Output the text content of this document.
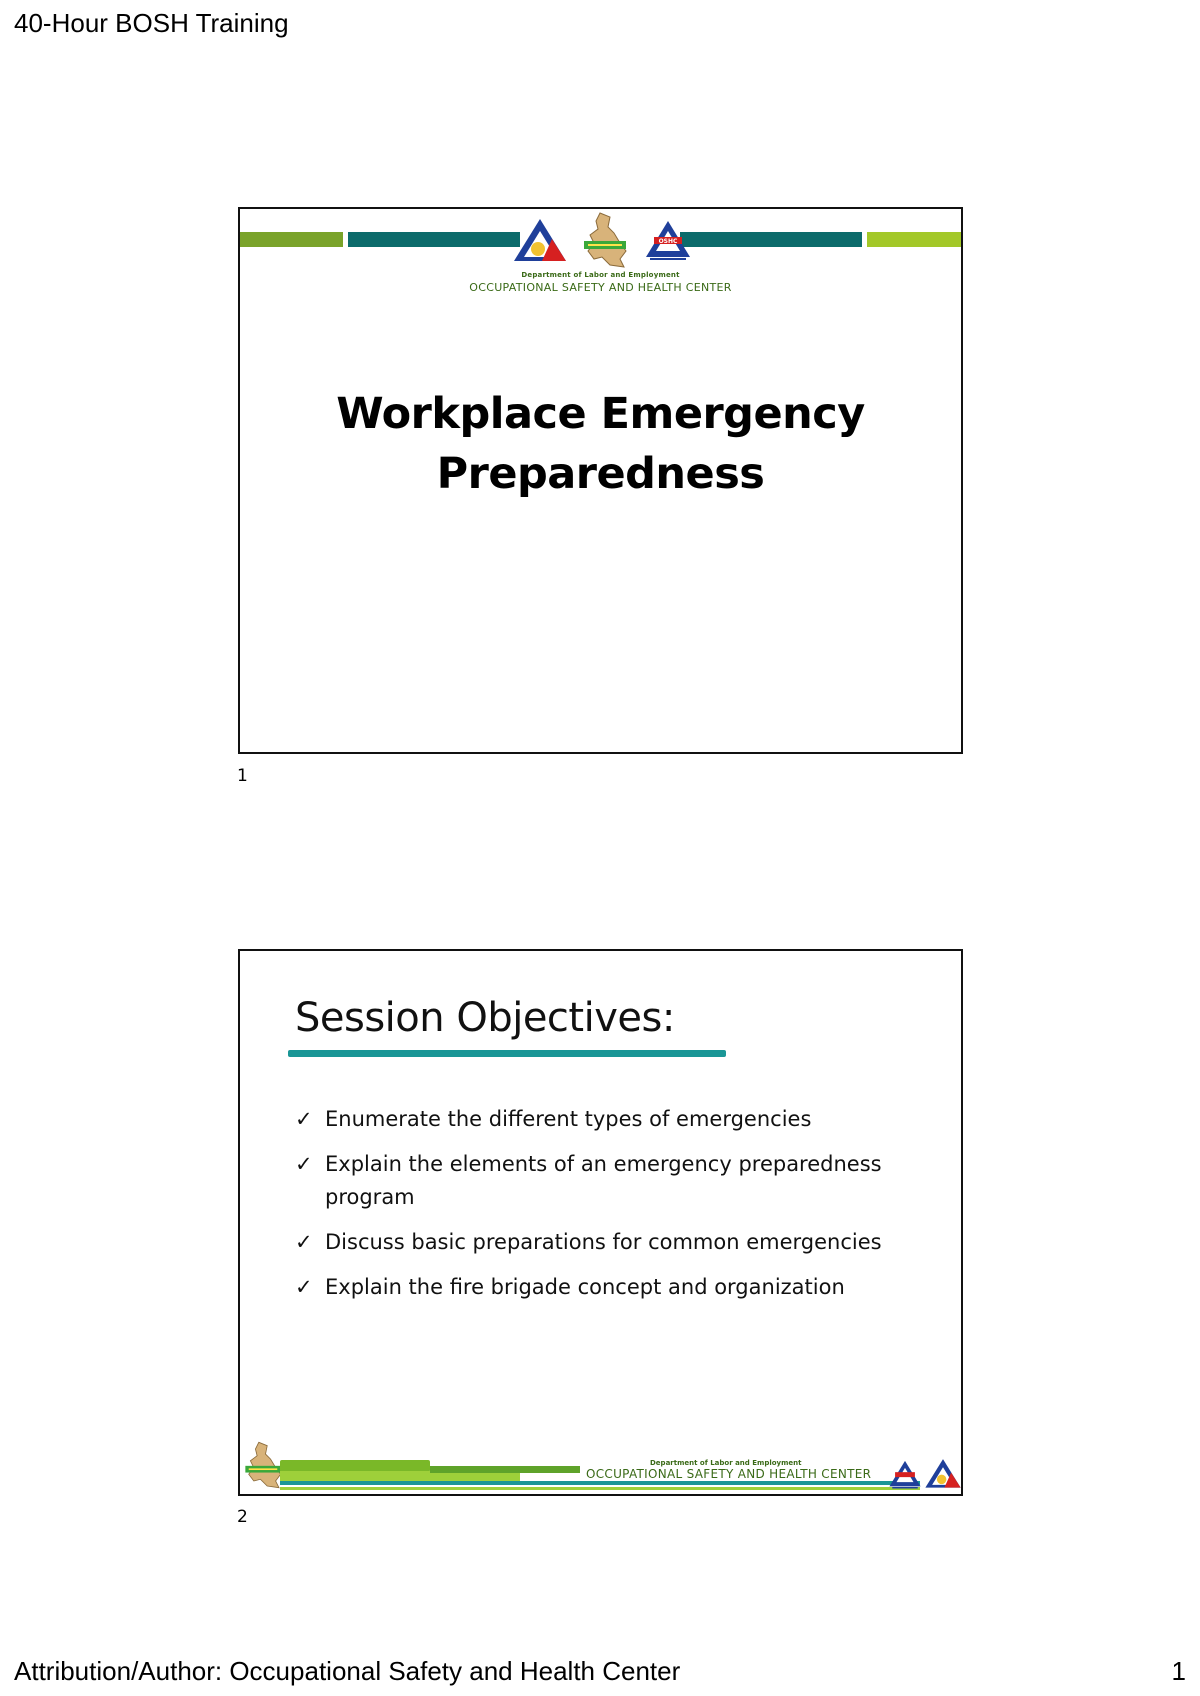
40-Hour BOSH Training
OSHC
Department of Labor and Employment
OCCUPATIONAL SAFETY AND HEALTH CENTER
Workplace Emergency
Preparedness
1
Session Objectives:
✓ Enumerate the different types of emergencies
✓ Explain the elements of an emergency preparedness program
✓ Discuss basic preparations for common emergencies
✓ Explain the fire brigade concept and organization
Department of Labor and Employment
OCCUPATIONAL SAFETY AND HEALTH CENTER
2
Attribution/Author: Occupational Safety and Health Center	1
